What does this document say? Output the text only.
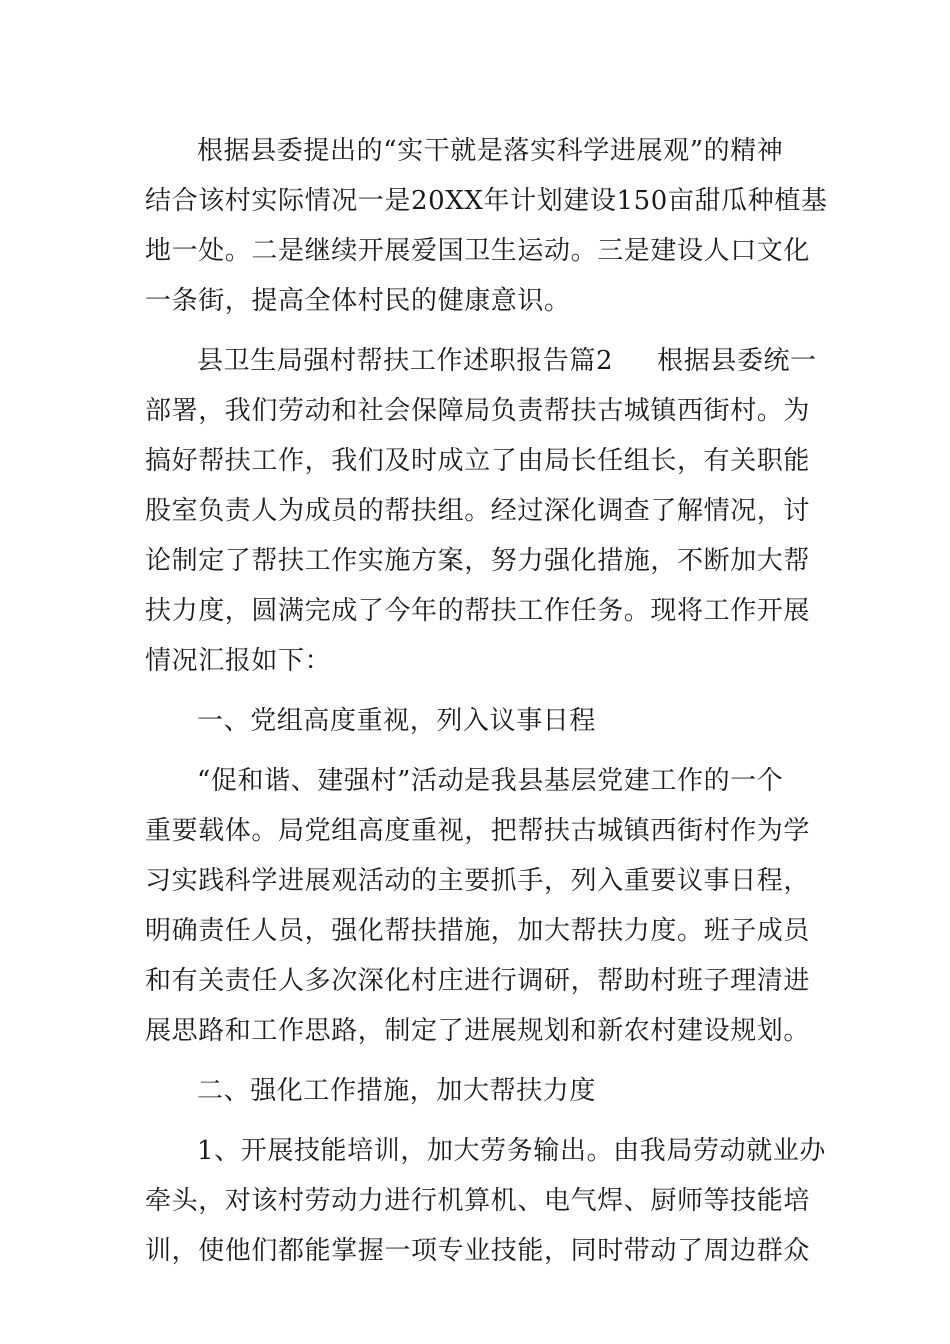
根据县委提出的“实干就是落实科学进展观”的精神
结合该村实际情况一是20XX年计划建设150亩甜瓜种植基
地一处。二是继续开展爱国卫生运动。三是建设人口文化
一条街，提高全体村民的健康意识。
县卫生局强村帮扶工作述职报告篇2 根据县委统一
部署，我们劳动和社会保障局负责帮扶古城镇西街村。为
搞好帮扶工作，我们及时成立了由局长任组长，有关职能
股室负责人为成员的帮扶组。经过深化调查了解情况，讨
论制定了帮扶工作实施方案，努力强化措施，不断加大帮
扶力度，圆满完成了今年的帮扶工作任务。现将工作开展
情况汇报如下：
一、党组高度重视，列入议事日程
“促和谐、建强村”活动是我县基层党建工作的一个
重要载体。局党组高度重视，把帮扶古城镇西街村作为学
习实践科学进展观活动的主要抓手，列入重要议事日程，
明确责任人员，强化帮扶措施，加大帮扶力度。班子成员
和有关责任人多次深化村庄进行调研，帮助村班子理清进
展思路和工作思路，制定了进展规划和新农村建设规划。
二、强化工作措施，加大帮扶力度
1、开展技能培训，加大劳务输出。由我局劳动就业办
牵头，对该村劳动力进行机算机、电气焊、厨师等技能培
训，使他们都能掌握一项专业技能，同时带动了周边群众
